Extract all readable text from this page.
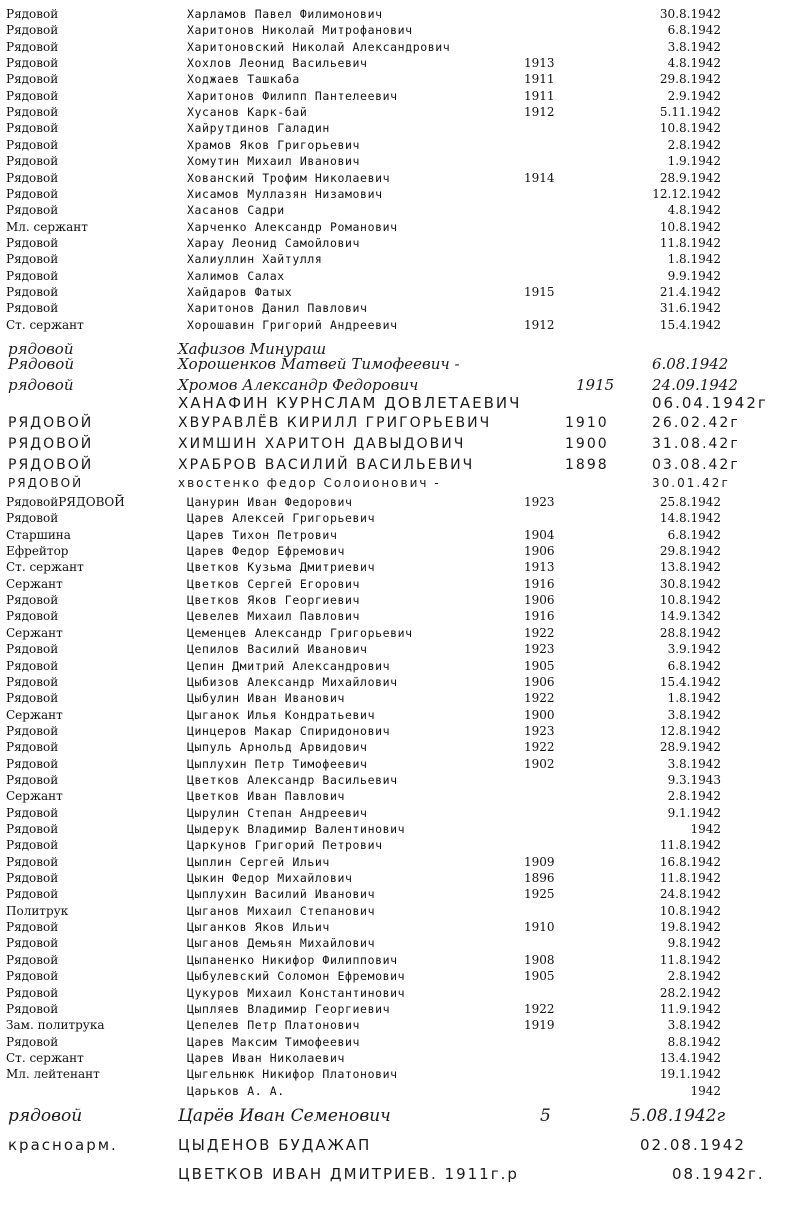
Рядовой	Харламов Павел Филимонович	30.8.1942
Рядовой	Харитонов Николай Митрофанович	6.8.1942
Рядовой	Харитоновский Николай Александрович	3.8.1942
Рядовой	Хохлов Леонид Васильевич	1913	4.8.1942
Рядовой	Ходжаев Ташкаба	1911	29.8.1942
Рядовой	Харитонов Филипп Пантелеевич	1911	2.9.1942
Рядовой	Хусанов Карк-бай	1912	5.11.1942
Рядовой	Хайрутдинов Галадин	10.8.1942
Рядовой	Храмов Яков Григорьевич	2.8.1942
Рядовой	Хомутин Михаил Иванович	1.9.1942
Рядовой	Хованский Трофим Николаевич	1914	28.9.1942
Рядовой	Хисамов Муллазян Низамович	12.12.1942
Рядовой	Хасанов Садри	4.8.1942
Мл. сержант	Харченко Александр Романович	10.8.1942
Рядовой	Харау Леонид Самойлович	11.8.1942
Рядовой	Халиуллин Хайтулля	1.8.1942
Рядовой	Халимов Салах	9.9.1942
Рядовой	Хайдаров Фатых	1915	21.4.1942
Рядовой	Харитонов Данил Павлович	31.6.1942
Ст. сержант	Хорошавин Григорий Андреевич	1912	15.4.1942
рядовой	Хафизов Минураш
Рядовой	Хорошенков Матвей Тимофеевич -	6.08.1942
рядовой	Хромов Александр Федорович	1915	24.09.1942
ХАНАФИН КУРНСЛАМ ДОВЛЕТАЕВИЧ	06.04.1942г
РЯДОВОЙ	ХВУРАВЛЁВ КИРИЛЛ ГРИГОРЬЕВИЧ	1910	26.02.42г
РЯДОВОЙ	ХИМШИН ХАРИТОН ДАВЫДОВИЧ	1900	31.08.42г
РЯДОВОЙ	ХРАБРОВ ВАСИЛИЙ ВАСИЛЬЕВИЧ	1898	03.08.42г
РЯДОВОЙ	хвостенко федор Солоионович -	30.01.42г
РядовойРЯДОВОЙ	Цанурин Иван Федорович	1923	25.8.1942
Рядовой	Царев Алексей Григорьевич	14.8.1942
Старшина	Царев Тихон Петрович	1904	6.8.1942
Ефрейтор	Царев Федор Ефремович	1906	29.8.1942
Ст. сержант	Цветков Кузьма Дмитриевич	1913	13.8.1942
Сержант	Цветков Сергей Егорович	1916	30.8.1942
Рядовой	Цветков Яков Георгиевич	1906	10.8.1942
Рядовой	Цевелев Михаил Павлович	1916	14.9.1342
Сержант	Цеменцев Александр Григорьевич	1922	28.8.1942
Рядовой	Цепилов Василий Иванович	1923	3.9.1942
Рядовой	Цепин Дмитрий Александрович	1905	6.8.1942
Рядовой	Цыбизов Александр Михайлович	1906	15.4.1942
Рядовой	Цыбулин Иван Иванович	1922	1.8.1942
Сержант	Цыганок Илья Кондратьевич	1900	3.8.1942
Рядовой	Цинцеров Макар Спиридонович	1923	12.8.1942
Рядовой	Цыпуль Арнольд Арвидович	1922	28.9.1942
Рядовой	Цыплухин Петр Тимофеевич	1902	3.8.1942
Рядовой	Цветков Александр Васильевич	9.3.1943
Сержант	Цветков Иван Павлович	2.8.1942
Рядовой	Цырулин Степан Андреевич	9.1.1942
Рядовой	Цыдерук Владимир Валентинович	1942
Рядовой	Царкунов Григорий Петрович	11.8.1942
Рядовой	Цыплин Сергей Ильич	1909	16.8.1942
Рядовой	Цыкин Федор Михайлович	1896	11.8.1942
Рядовой	Цыплухин Василий Иванович	1925	24.8.1942
Политрук	Цыганов Михаил Степанович	10.8.1942
Рядовой	Цыганков Яков Ильич	1910	19.8.1942
Рядовой	Цыганов Демьян Михайлович	9.8.1942
Рядовой	Цыпаненко Никифор Филиппович	1908	11.8.1942
Рядовой	Цыбулевский Соломон Ефремович	1905	2.8.1942
Рядовой	Цукуров Михаил Константинович	28.2.1942
Рядовой	Цыпляев Владимир Георгиевич	1922	11.9.1942
Зам. политрука	Цепелев Петр Платонович	1919	3.8.1942
Рядовой	Царев Максим Тимофеевич	8.8.1942
Ст. сержант	Царев Иван Николаевич	13.4.1942
Мл. лейтенант	Цыгельнюк Никифор Платонович	19.1.1942
Царьков А. А.	1942
рядовой	Царёв Иван Семенович	5	5.08.1942г
красноарм.	ЦЫДЕНОВ БУДАЖАП	02.08.1942
ЦВЕТКОВ ИВАН ДМИТРИЕВ. 1911г.р	08.1942г.
